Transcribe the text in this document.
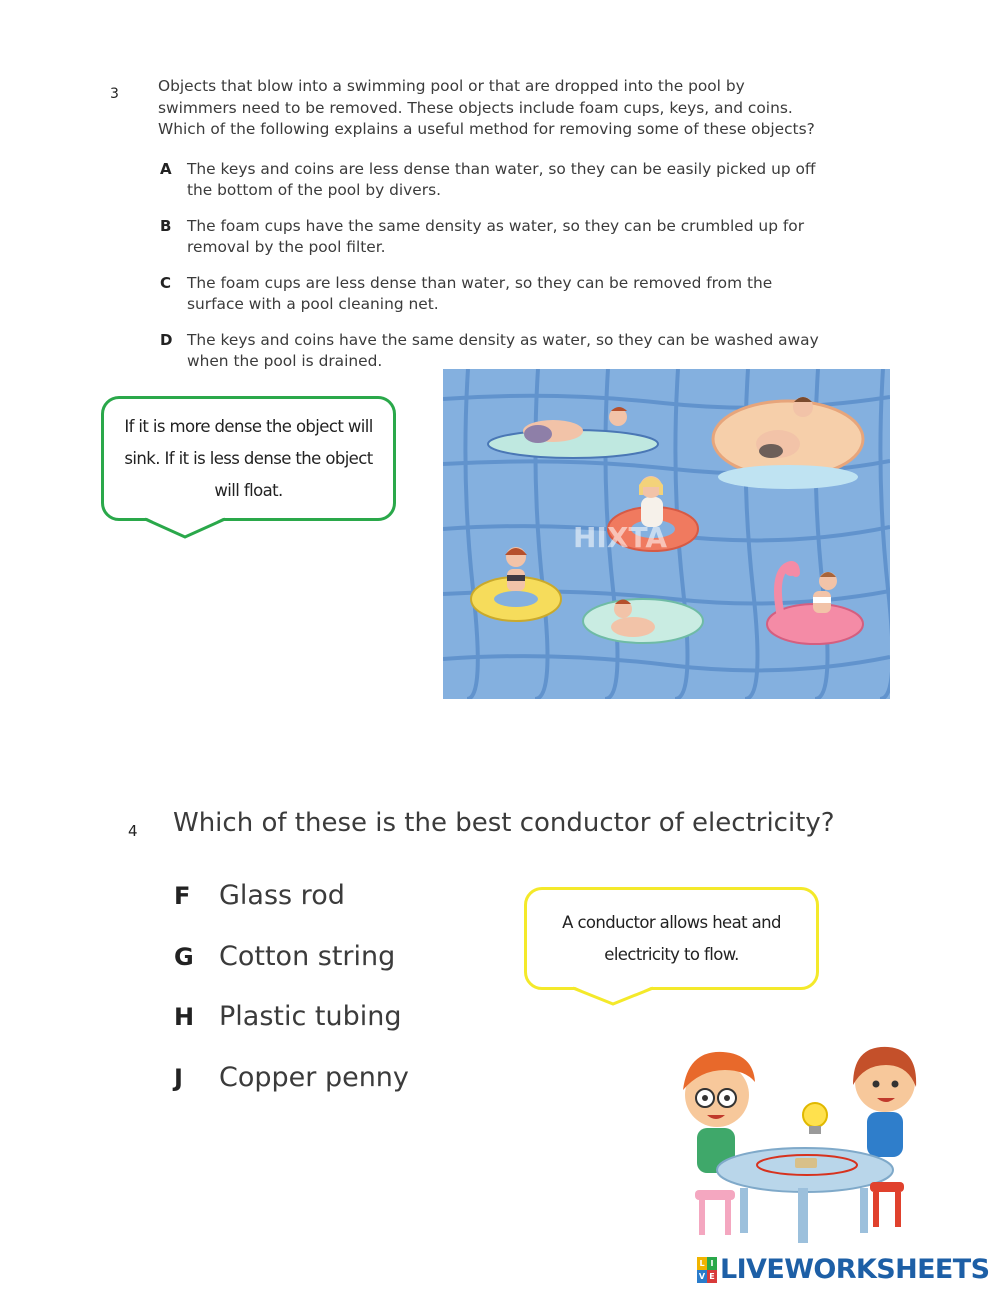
3	Objects that blow into a swimming pool or that are dropped into the pool by
swimmers need to be removed. These objects include foam cups, keys, and coins.
Which of the following explains a useful method for removing some of these objects?
A The keys and coins are less dense than water, so they can be easily picked up off
the bottom of the pool by divers.
B The foam cups have the same density as water, so they can be crumbled up for
removal by the pool filter.
C The foam cups are less dense than water, so they can be removed from the
surface with a pool cleaning net.
D The keys and coins have the same density as water, so they can be washed away
when the pool is drained.
If it is more dense the object will sink. If it is less dense the object will float.
HIXTA
4 Which of these is the best conductor of electricity?
F Glass rod
G Cotton string
H Plastic tubing
J Copper penny
A conductor allows heat and electricity to flow.
L I
V E LIVEWORKSHEETS
